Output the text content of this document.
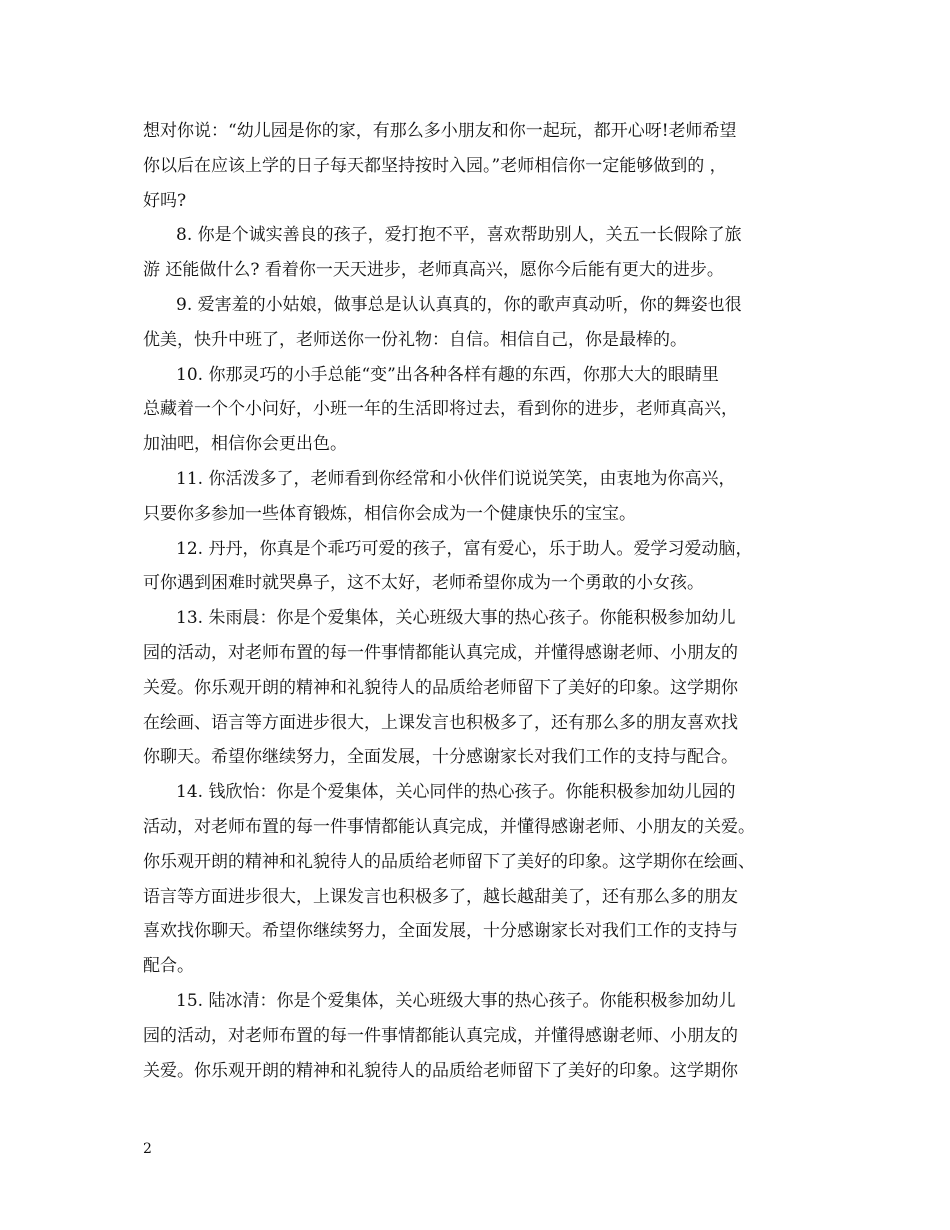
想对你说：“幼儿园是你的家，有那么多小朋友和你一起玩，都开心呀!老师希望
你以后在应该上学的日子每天都坚持按时入园。”老师相信你一定能够做到的 ，
好吗?
8. 你是个诚实善良的孩子，爱打抱不平，喜欢帮助别人，关五一长假除了旅
游 还能做什么? 看着你一天天进步，老师真高兴，愿你今后能有更大的进步。
9. 爱害羞的小姑娘，做事总是认认真真的，你的歌声真动听，你的舞姿也很
优美，快升中班了，老师送你一份礼物：自信。相信自己，你是最棒的。
10. 你那灵巧的小手总能“变”出各种各样有趣的东西，你那大大的眼睛里
总藏着一个个小问好，小班一年的生活即将过去，看到你的进步，老师真高兴，
加油吧，相信你会更出色。
11. 你活泼多了，老师看到你经常和小伙伴们说说笑笑，由衷地为你高兴，
只要你多参加一些体育锻炼，相信你会成为一个健康快乐的宝宝。
12. 丹丹，你真是个乖巧可爱的孩子，富有爱心，乐于助人。爱学习爱动脑，
可你遇到困难时就哭鼻子，这不太好，老师希望你成为一个勇敢的小女孩。
13. 朱雨晨：你是个爱集体，关心班级大事的热心孩子。你能积极参加幼儿
园的活动，对老师布置的每一件事情都能认真完成，并懂得感谢老师、小朋友的
关爱。你乐观开朗的精神和礼貌待人的品质给老师留下了美好的印象。这学期你
在绘画、语言等方面进步很大，上课发言也积极多了，还有那么多的朋友喜欢找
你聊天。希望你继续努力，全面发展，十分感谢家长对我们工作的支持与配合。
14. 钱欣怡：你是个爱集体，关心同伴的热心孩子。你能积极参加幼儿园的
活动，对老师布置的每一件事情都能认真完成，并懂得感谢老师、小朋友的关爱。
你乐观开朗的精神和礼貌待人的品质给老师留下了美好的印象。这学期你在绘画、
语言等方面进步很大，上课发言也积极多了，越长越甜美了，还有那么多的朋友
喜欢找你聊天。希望你继续努力，全面发展，十分感谢家长对我们工作的支持与
配合。
15. 陆冰清：你是个爱集体，关心班级大事的热心孩子。你能积极参加幼儿
园的活动，对老师布置的每一件事情都能认真完成，并懂得感谢老师、小朋友的
关爱。你乐观开朗的精神和礼貌待人的品质给老师留下了美好的印象。这学期你
2
